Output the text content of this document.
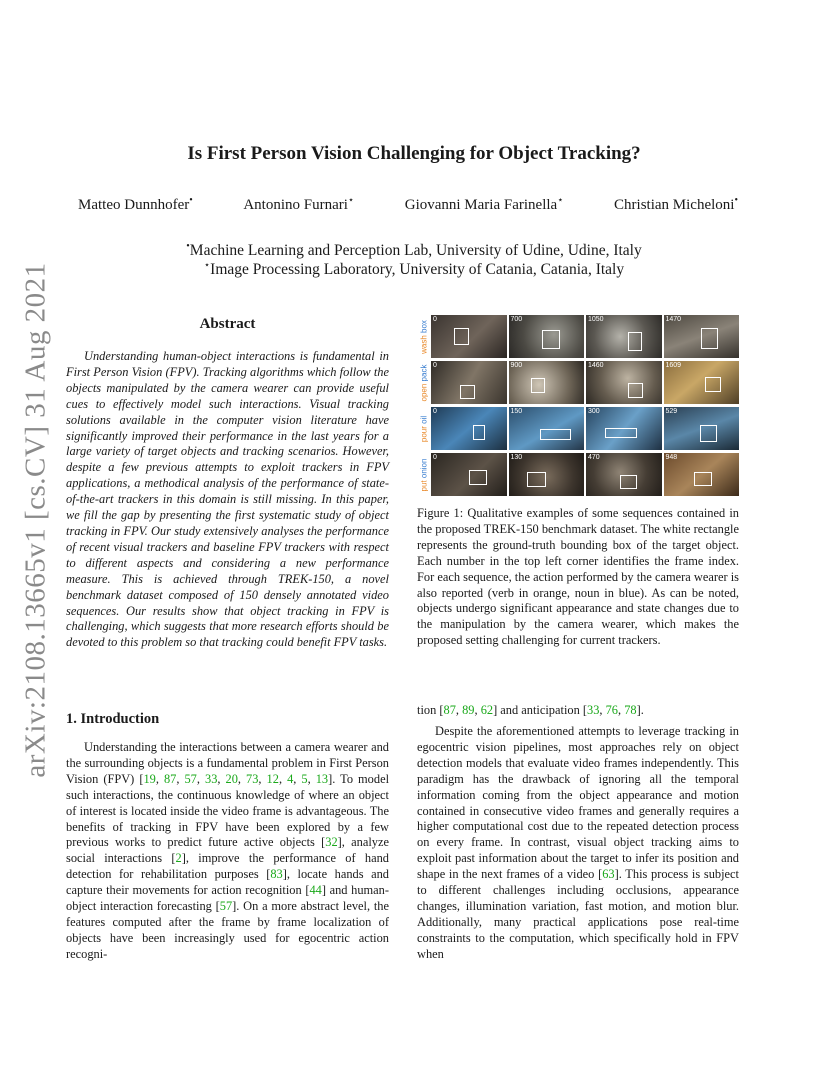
arXiv:2108.13665v1 [cs.CV] 31 Aug 2021
Is First Person Vision Challenging for Object Tracking?
Matteo Dunnhofer•	Antonino Furnari⋆	Giovanni Maria Farinella⋆	Christian Micheloni•
•Machine Learning and Perception Lab, University of Udine, Udine, Italy
⋆Image Processing Laboratory, University of Catania, Catania, Italy
Abstract

Understanding human-object interactions is fundamental in First Person Vision (FPV). Tracking algorithms which follow the objects manipulated by the camera wearer can provide useful cues to effectively model such interactions. Visual tracking solutions available in the computer vision literature have significantly improved their performance in the last years for a large variety of target objects and tracking scenarios. However, despite a few previous attempts to exploit trackers in FPV applications, a methodical analysis of the performance of state-of-the-art trackers in this domain is still missing. In this paper, we fill the gap by presenting the first systematic study of object tracking in FPV. Our study extensively analyses the performance of recent visual trackers and baseline FPV trackers with respect to different aspects and considering a new performance measure. This is achieved through TREK-150, a novel benchmark dataset composed of 150 densely annotated video sequences. Our results show that object tracking in FPV is challenging, which suggests that more research efforts should be devoted to this problem so that tracking could benefit FPV tasks.

1. Introduction

Understanding the interactions between a camera wearer and the surrounding objects is a fundamental problem in First Person Vision (FPV) [19, 87, 57, 33, 20, 73, 12, 4, 5, 13]. To model such interactions, the continuous knowledge of where an object of interest is located inside the video frame is advantageous. The benefits of tracking in FPV have been explored by a few previous works to predict future active objects [32], analyze social interactions [2], improve the performance of hand detection for rehabilitation purposes [83], locate hands and capture their movements for action recognition [44] and human-object interaction forecasting [57]. On a more abstract level, the features computed after the frame by frame localization of objects have been increasingly used for egocentric action recogni-

wash box
0	700	1050	1470
open pack 0	900	1460	1609
pour oil
0	150	300	529
put onion
0	130	470	948

Figure 1: Qualitative examples of some sequences contained in the proposed TREK-150 benchmark dataset. The white rectangle represents the ground-truth bounding box of the target object. Each number in the top left corner identifies the frame index. For each sequence, the action performed by the camera wearer is also reported (verb in orange, noun in blue). As can be noted, objects undergo significant appearance and state changes due to the manipulation by the camera wearer, which makes the proposed setting challenging for current trackers.

tion [87, 89, 62] and anticipation [33, 76, 78].

Despite the aforementioned attempts to leverage tracking in egocentric vision pipelines, most approaches rely on object detection models that evaluate video frames independently. This paradigm has the drawback of ignoring all the temporal information coming from the object appearance and motion contained in consecutive video frames and generally requires a higher computational cost due to the repeated detection process on every frame. In contrast, visual object tracking aims to exploit past information about the target to infer its position and shape in the next frames of a video [63]. This process is subject to different challenges including occlusions, appearance changes, illumination variation, fast motion, and motion blur. Additionally, many practical applications pose real-time constraints to the computation, which specifically hold in FPV when
